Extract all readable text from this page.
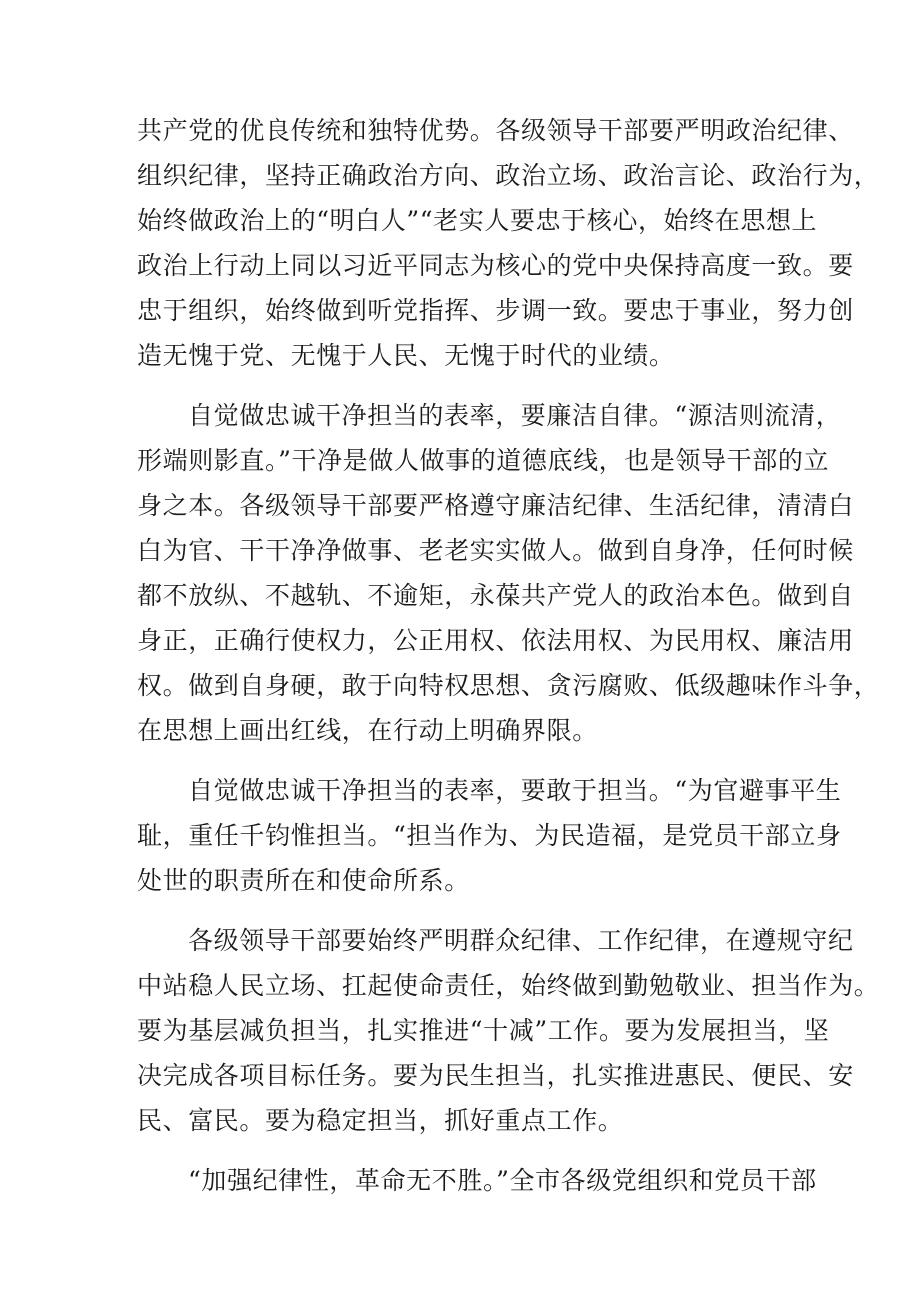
共产党的优良传统和独特优势。各级领导干部要严明政治纪律、
组织纪律，坚持正确政治方向、政治立场、政治言论、政治行为，
始终做政治上的“明白人”“老实人要忠于核心，始终在思想上
政治上行动上同以习近平同志为核心的党中央保持高度一致。要
忠于组织，始终做到听党指挥、步调一致。要忠于事业，努力创
造无愧于党、无愧于人民、无愧于时代的业绩。
自觉做忠诚干净担当的表率，要廉洁自律。“源洁则流清，
形端则影直。”干净是做人做事的道德底线，也是领导干部的立
身之本。各级领导干部要严格遵守廉洁纪律、生活纪律，清清白
白为官、干干净净做事、老老实实做人。做到自身净，任何时候
都不放纵、不越轨、不逾矩，永葆共产党人的政治本色。做到自
身正，正确行使权力，公正用权、依法用权、为民用权、廉洁用
权。做到自身硬，敢于向特权思想、贪污腐败、低级趣味作斗争，
在思想上画出红线，在行动上明确界限。
自觉做忠诚干净担当的表率，要敢于担当。“为官避事平生
耻，重任千钧惟担当。“担当作为、为民造福，是党员干部立身
处世的职责所在和使命所系。
各级领导干部要始终严明群众纪律、工作纪律，在遵规守纪
中站稳人民立场、扛起使命责任，始终做到勤勉敬业、担当作为。
要为基层减负担当，扎实推进“十减”工作。要为发展担当，坚
决完成各项目标任务。要为民生担当，扎实推进惠民、便民、安
民、富民。要为稳定担当，抓好重点工作。
“加强纪律性，革命无不胜。”全市各级党组织和党员干部
